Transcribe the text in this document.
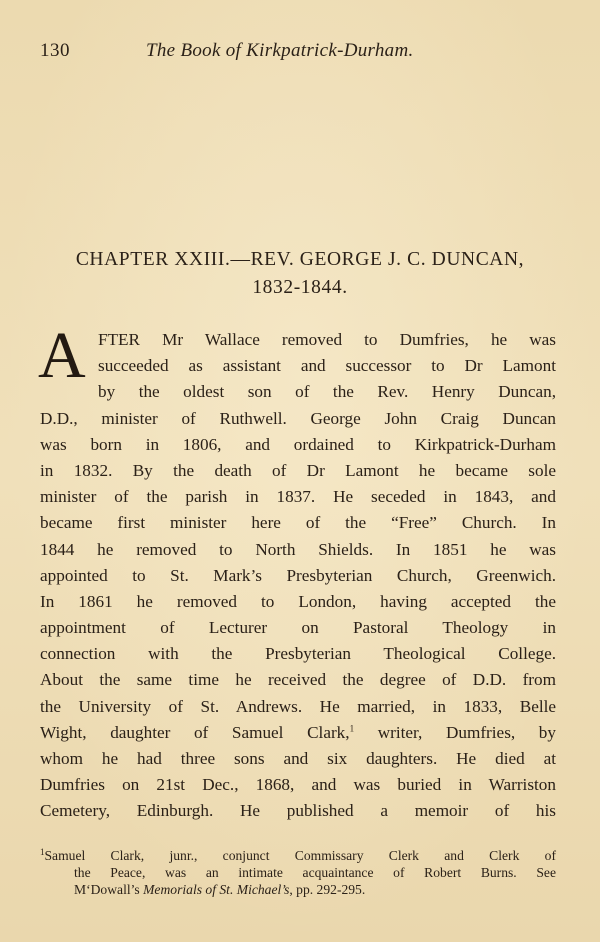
130	The Book of Kirkpatrick-Durham.
CHAPTER XXIII.—REV. GEORGE J. C. DUNCAN,
1832-1844.
A FTER Mr Wallace removed to Dumfries, he was
succeeded as assistant and successor to Dr Lamont
by the oldest son of the Rev. Henry Duncan,
D.D., minister of Ruthwell. George John Craig Duncan
was born in 1806, and ordained to Kirkpatrick-Durham
in 1832. By the death of Dr Lamont he became sole
minister of the parish in 1837. He seceded in 1843, and
became first minister here of the “Free” Church. In
1844 he removed to North Shields. In 1851 he was
appointed to St. Mark’s Presbyterian Church, Greenwich.
In 1861 he removed to London, having accepted the
appointment of Lecturer on Pastoral Theology in
connection with the Presbyterian Theological College.
About the same time he received the degree of D.D. from
the University of St. Andrews. He married, in 1833, Belle
Wight, daughter of Samuel Clark,$^1$ writer, Dumfries, by
whom he had three sons and six daughters. He died at
Dumfries on 21st Dec., 1868, and was buried in Warriston
Cemetery, Edinburgh. He published a memoir of his
$^1$Samuel Clark, junr., conjunct Commissary Clerk and Clerk of
the Peace, was an intimate acquaintance of Robert Burns. See
M‘Dowall’s Memorials of St. Michael’s, pp. 292-295.
